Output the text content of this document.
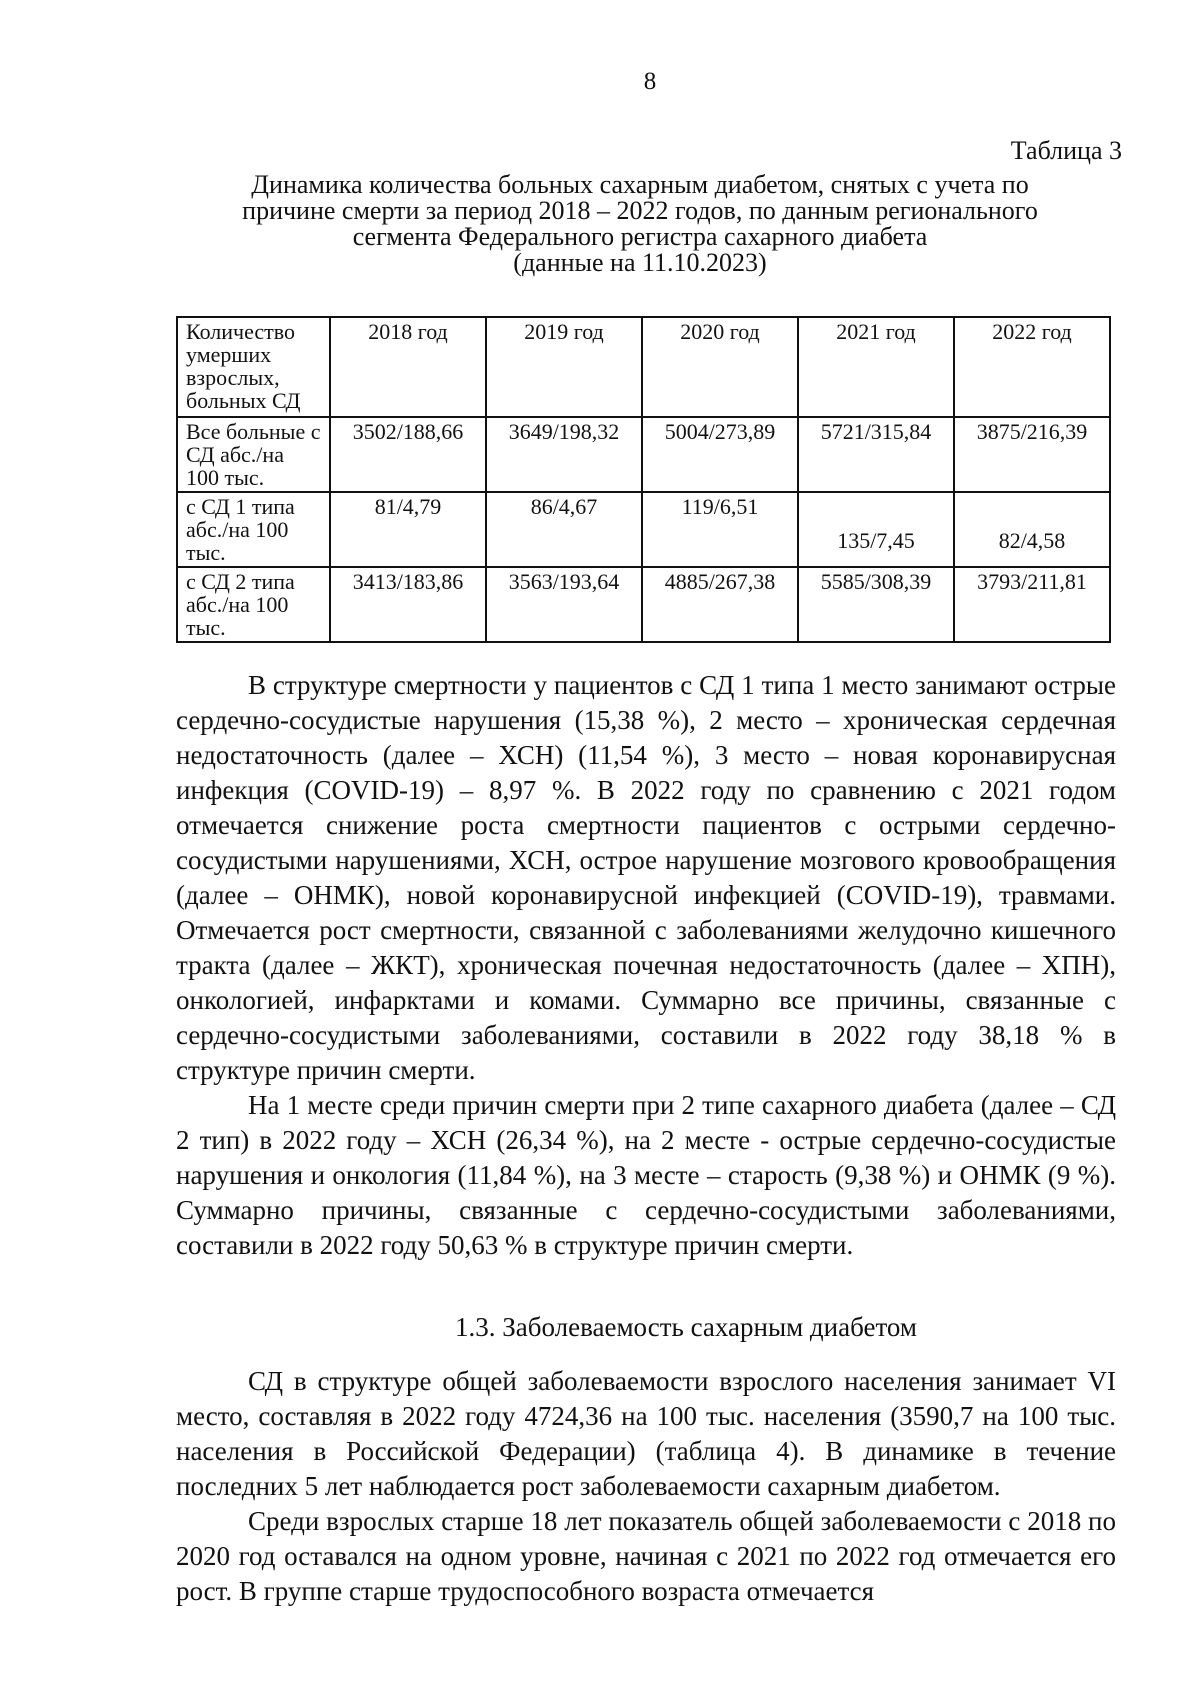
8
Таблица 3
Динамика количества больных сахарным диабетом, снятых с учета по
причине смерти за период 2018 – 2022 годов, по данным регионального
сегмента Федерального регистра сахарного диабета
(данные на 11.10.2023)
Количество умерших взрослых, больных СД	2018 год	2019 год	2020 год	2021 год	2022 год
Все больные с СД абс./на 100 тыс.	3502/188,66	3649/198,32	5004/273,89	5721/315,84	3875/216,39
с СД 1 типа абс./на 100 тыс.	81/4,79	86/4,67	119/6,51	135/7,45	82/4,58
с СД 2 типа абс./на 100 тыс.	3413/183,86	3563/193,64	4885/267,38	5585/308,39	3793/211,81

В структуре смертности у пациентов с СД 1 типа 1 место занимают острые сердечно-сосудистые нарушения (15,38 %), 2 место – хроническая сердечная недостаточность (далее – ХСН) (11,54 %), 3 место – новая коронавирусная инфекция (COVID-19) – 8,97 %. В 2022 году по сравнению с 2021 годом отмечается снижение роста смертности пациентов с острыми сердечно-сосудистыми нарушениями, ХСН, острое нарушение мозгового кровообращения (далее – ОНМК), новой коронавирусной инфекцией (COVID-19), травмами. Отмечается рост смертности, связанной с заболеваниями желудочно кишечного тракта (далее – ЖКТ), хроническая почечная недостаточность (далее – ХПН), онкологией, инфарктами и комами. Суммарно все причины, связанные с сердечно-сосудистыми заболеваниями, составили в 2022 году 38,18 % в структуре причин смерти.

На 1 месте среди причин смерти при 2 типе сахарного диабета (далее – СД 2 тип) в 2022 году – ХСН (26,34 %), на 2 месте - острые сердечно-сосудистые нарушения и онкология (11,84 %), на 3 месте – старость (9,38 %) и ОНМК (9 %). Суммарно причины, связанные с сердечно-сосудистыми заболеваниями, составили в 2022 году 50,63 % в структуре причин смерти.

1.3. Заболеваемость сахарным диабетом

СД в структуре общей заболеваемости взрослого населения занимает VI место, составляя в 2022 году 4724,36 на 100 тыс. населения (3590,7 на 100 тыс. населения в Российской Федерации) (таблица 4). В динамике в течение последних 5 лет наблюдается рост заболеваемости сахарным диабетом.

Среди взрослых старше 18 лет показатель общей заболеваемости с 2018 по 2020 год оставался на одном уровне, начиная с 2021 по 2022 год отмечается его рост. В группе старше трудоспособного возраста отмечается
